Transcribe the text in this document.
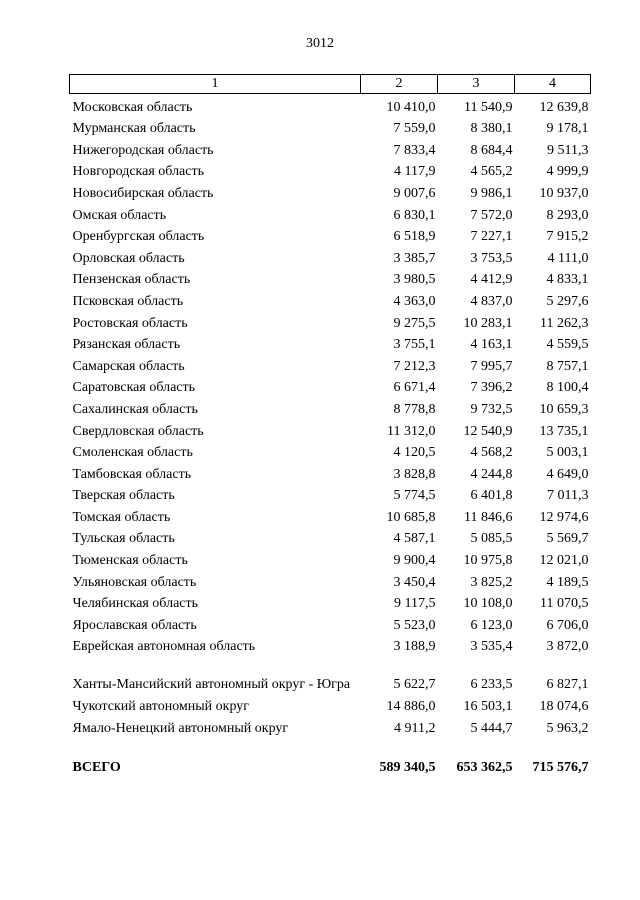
3012
1	2	3	4
Московская область	10 410,0	11 540,9	12 639,8
Мурманская область	7 559,0	8 380,1	9 178,1
Нижегородская область	7 833,4	8 684,4	9 511,3
Новгородская область	4 117,9	4 565,2	4 999,9
Новосибирская область	9 007,6	9 986,1	10 937,0
Омская область	6 830,1	7 572,0	8 293,0
Оренбургская область	6 518,9	7 227,1	7 915,2
Орловская область	3 385,7	3 753,5	4 111,0
Пензенская область	3 980,5	4 412,9	4 833,1
Псковская область	4 363,0	4 837,0	5 297,6
Ростовская область	9 275,5	10 283,1	11 262,3
Рязанская область	3 755,1	4 163,1	4 559,5
Самарская область	7 212,3	7 995,7	8 757,1
Саратовская область	6 671,4	7 396,2	8 100,4
Сахалинская область	8 778,8	9 732,5	10 659,3
Свердловская область	11 312,0	12 540,9	13 735,1
Смоленская область	4 120,5	4 568,2	5 003,1
Тамбовская область	3 828,8	4 244,8	4 649,0
Тверская область	5 774,5	6 401,8	7 011,3
Томская область	10 685,8	11 846,6	12 974,6
Тульская область	4 587,1	5 085,5	5 569,7
Тюменская область	9 900,4	10 975,8	12 021,0
Ульяновская область	3 450,4	3 825,2	4 189,5
Челябинская область	9 117,5	10 108,0	11 070,5
Ярославская область	5 523,0	6 123,0	6 706,0
Еврейская автономная область	3 188,9	3 535,4	3 872,0
Ханты-Мансийский автономный округ - Югра	5 622,7	6 233,5	6 827,1
Чукотский автономный округ	14 886,0	16 503,1	18 074,6
Ямало-Ненецкий автономный округ	4 911,2	5 444,7	5 963,2

ВСЕГО	589 340,5	653 362,5	715 576,7
